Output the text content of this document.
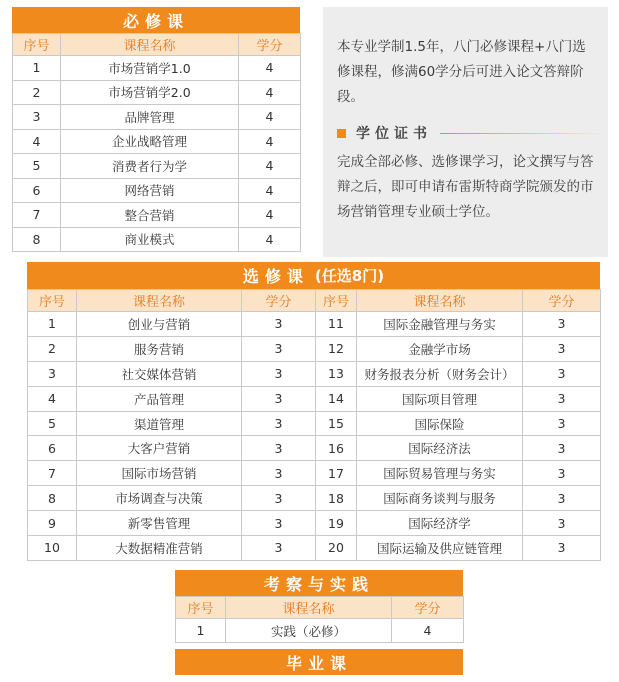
必修课
序号	课程名称	学分
1	市场营销学1.0	4
2	市场营销学2.0	4
3	品牌管理	4
4	企业战略管理	4
5	消费者行为学	4
6	网络营销	4
7	整合营销	4
8	商业模式	4
本专业学制1.5年，八门必修课程+八门选修课程，修满60学分后可进入论文答辩阶段。
学位证书
完成全部必修、选修课学习，论文撰写与答辩之后，即可申请布雷斯特商学院颁发的市场营销管理专业硕士学位。
选修课 (任选8门)
序号	课程名称	学分	序号	课程名称	学分
1	创业与营销	3	11	国际金融管理与务实	3
2	服务营销	3	12	金融学市场	3
3	社交媒体营销	3	13	财务报表分析（财务会计）	3
4	产品管理	3	14	国际项目管理	3
5	渠道管理	3	15	国际保险	3
6	大客户营销	3	16	国际经济法	3
7	国际市场营销	3	17	国际贸易管理与务实	3
8	市场调查与决策	3	18	国际商务谈判与服务	3
9	新零售管理	3	19	国际经济学	3
10	大数据精准营销	3	20	国际运输及供应链管理	3
考察与实践
序号	课程名称	学分
1	实践（必修）	4
毕业课
